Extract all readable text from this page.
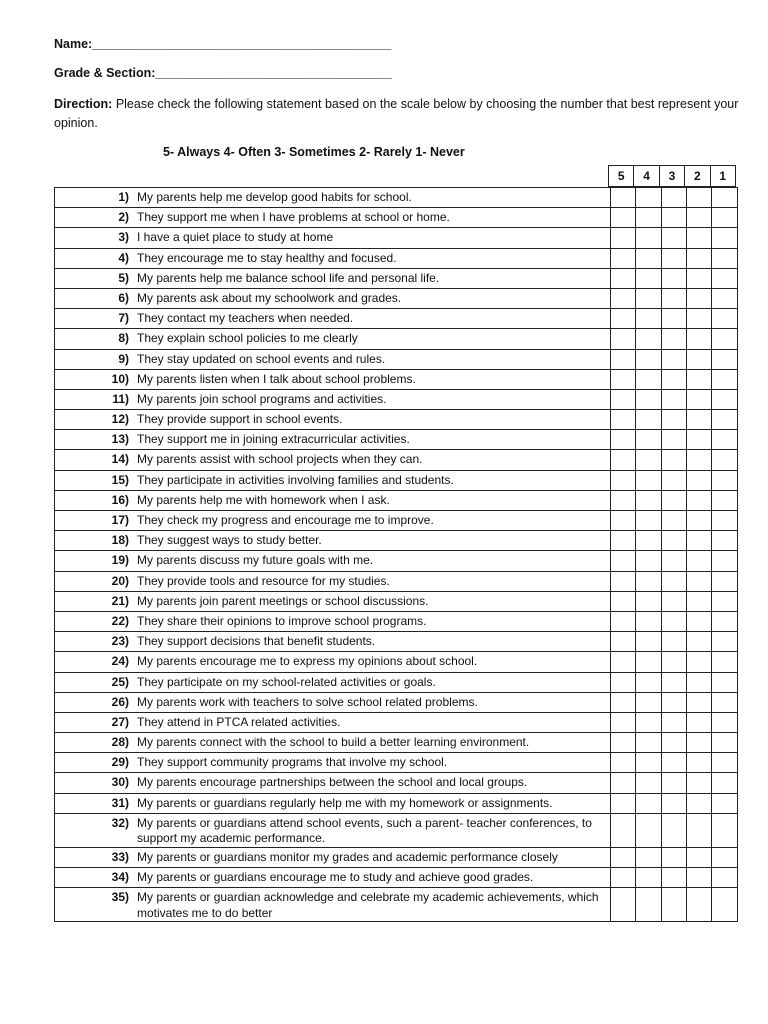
Name:___________________________________________
Grade & Section:__________________________________
Direction: Please check the following statement based on the scale below by choosing the number that best represent your opinion.
5- Always 4- Often 3- Sometimes 2- Rarely 1- Never
5	4	3	2	1
1) My parents help me develop good habits for school.					

2) They support me when I have problems at school or home.					

3) I have a quiet place to study at home					

4) They encourage me to stay healthy and focused.					

5) My parents help me balance school life and personal life.					

6) My parents ask about my schoolwork and grades.					

7) They contact my teachers when needed.					

8) They explain school policies to me clearly					

9) They stay updated on school events and rules.					

10) My parents listen when I talk about school problems.					

11) My parents join school programs and activities.					

12) They provide support in school events.					

13) They support me in joining extracurricular activities.					

14) My parents assist with school projects when they can.					

15) They participate in activities involving families and students.					

16) My parents help me with homework when I ask.					

17) They check my progress and encourage me to improve.					

18) They suggest ways to study better.					

19) My parents discuss my future goals with me.					

20) They provide tools and resource for my studies.					

21) My parents join parent meetings or school discussions.					

22) They share their opinions to improve school programs.					

23) They support decisions that benefit students.					

24) My parents encourage me to express my opinions about school.					

25) They participate on my school-related activities or goals.					

26) My parents work with teachers to solve school related problems.					

27) They attend in PTCA related activities.					

28) My parents connect with the school to build a better learning environment.					

29) They support community programs that involve my school.					

30) My parents encourage partnerships between the school and local groups.					

31) My parents or guardians regularly help me with my homework or assignments.					

32) My parents or guardians attend school events, such a parent- teacher conferences, to support my academic performance.					

33) My parents or guardians monitor my grades and academic performance closely					

34) My parents or guardians encourage me to study and achieve good grades.					

35) My parents or guardian acknowledge and celebrate my academic achievements, which motivates me to do better					
